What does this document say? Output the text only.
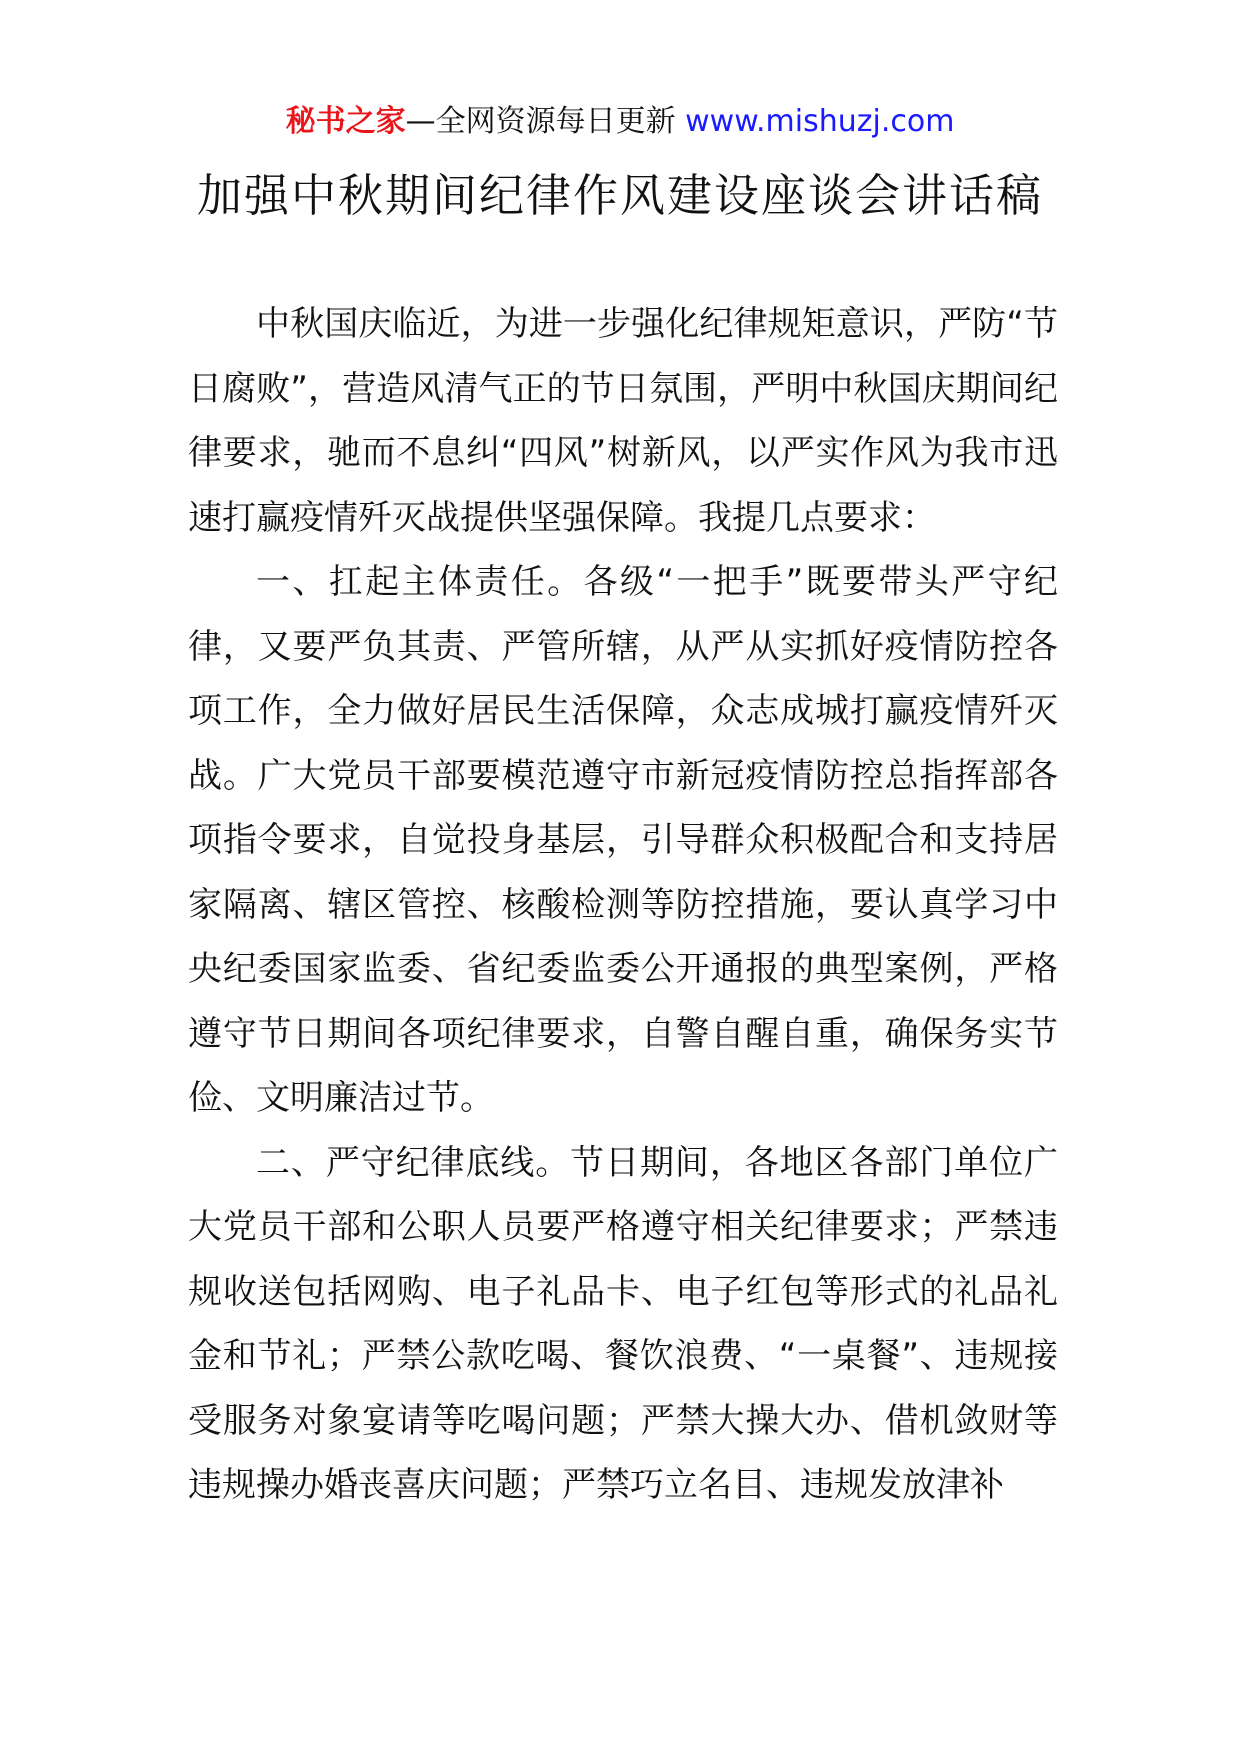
秘书之家—全网资源每日更新 www.mishuzj.com
加强中秋期间纪律作风建设座谈会讲话稿

中秋国庆临近，为进一步强化纪律规矩意识，严防“节日腐败”，营造风清气正的节日氛围，严明中秋国庆期间纪律要求，驰而不息纠“四风”树新风，以严实作风为我市迅速打赢疫情歼灭战提供坚强保障。我提几点要求：

一、扛起主体责任。各级“一把手”既要带头严守纪律，又要严负其责、严管所辖，从严从实抓好疫情防控各项工作，全力做好居民生活保障，众志成城打赢疫情歼灭战。广大党员干部要模范遵守市新冠疫情防控总指挥部各项指令要求，自觉投身基层，引导群众积极配合和支持居家隔离、辖区管控、核酸检测等防控措施，要认真学习中央纪委国家监委、省纪委监委公开通报的典型案例，严格遵守节日期间各项纪律要求，自警自醒自重，确保务实节俭、文明廉洁过节。

二、严守纪律底线。节日期间，各地区各部门单位广大党员干部和公职人员要严格遵守相关纪律要求；严禁违规收送包括网购、电子礼品卡、电子红包等形式的礼品礼金和节礼；严禁公款吃喝、餐饮浪费、“一桌餐”、违规接受服务对象宴请等吃喝问题；严禁大操大办、借机敛财等违规操办婚丧喜庆问题；严禁巧立名目、违规发放津补
